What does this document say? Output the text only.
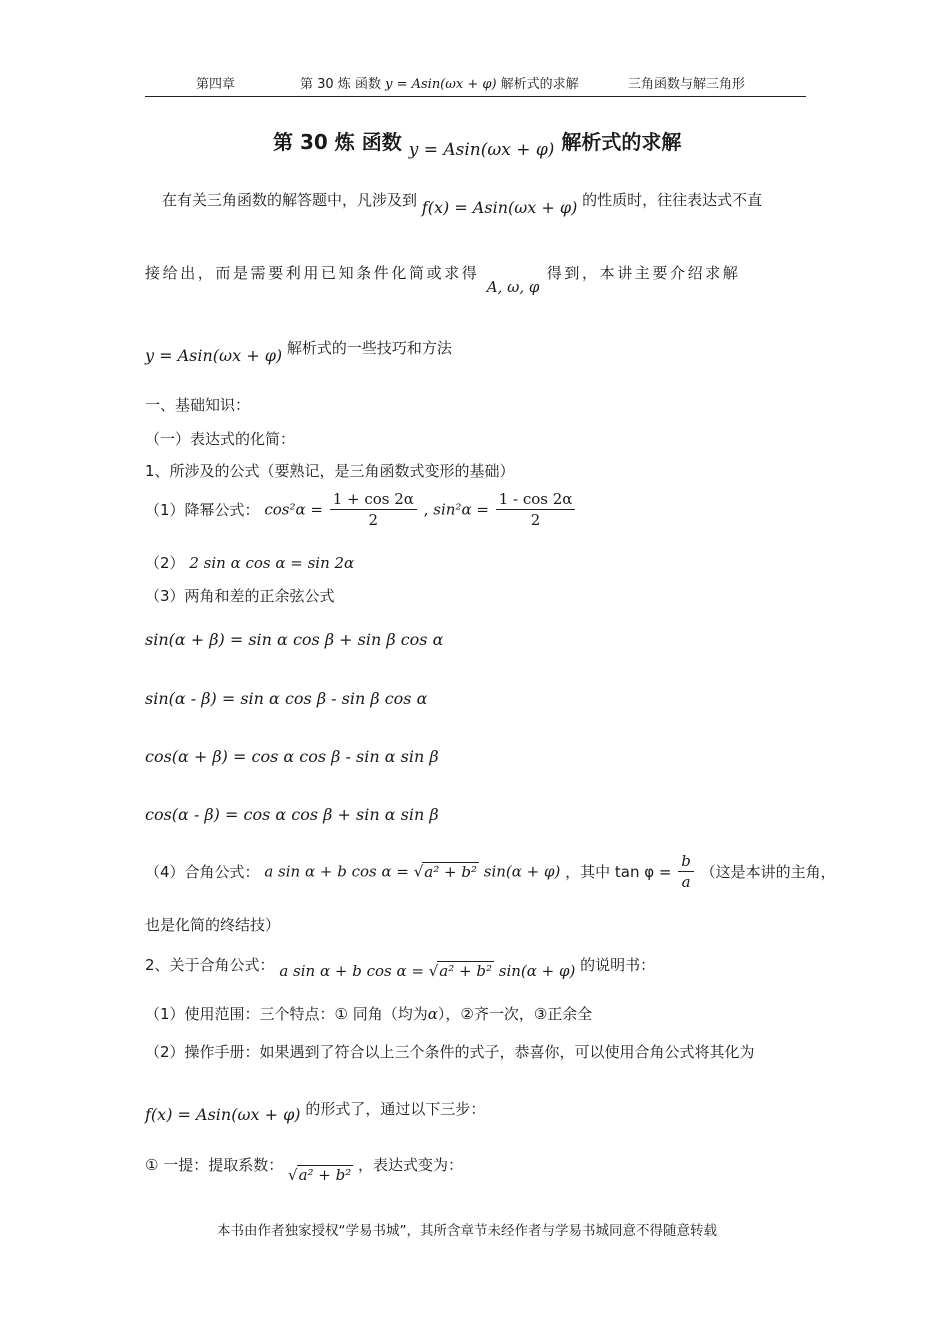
第四章	第 30 炼 函数 y = Asin(ωx + φ) 解析式的求解	三角函数与解三角形
第 30 炼 函数 $_{y = Asin(\omega x + \varphi)}$ 解析式的求解
在有关三角函数的解答题中，凡涉及到 f(x) = Asin(ωx + φ) 的性质时，往往表达式不直
接给出，而是需要利用已知条件化简或求得 A, ω, φ 得到，本讲主要介绍求解
y = Asin(ωx + φ) 解析式的一些技巧和方法
一、基础知识：
（一）表达式的化简：
1、所涉及的公式（要熟记，是三角函数式变形的基础）
（1）降幂公式： $\cos^2\alpha = \frac{1 + \cos 2\alpha}{2}$ , $\sin^2\alpha = \frac{1 - \cos 2\alpha}{2}$
（2） 2 sin α cos α = sin 2α
（3）两角和差的正余弦公式
sin(α + β) = sin α cos β + sin β cos α
sin(α - β) = sin α cos β - sin β cos α
cos(α + β) = cos α cos β - sin α sin β
cos(α - β) = cos α cos β + sin α sin β
（4）合角公式： a sin α + b cos α = √a² + b² sin(α + φ) ，其中 $\tan \varphi = \frac{b}{a}$ （这是本讲的主角，
也是化简的终结技）
2、关于合角公式： a sin α + b cos α = √a² + b² sin(α + φ) 的说明书：
（1）使用范围：三个特点：① 同角（均为α），②齐一次，③正余全
（2）操作手册：如果遇到了符合以上三个条件的式子，恭喜你，可以使用合角公式将其化为
f(x) = Asin(ωx + φ) 的形式了，通过以下三步：
① 一提：提取系数： √a² + b² ，表达式变为：
本书由作者独家授权“学易书城”，其所含章节未经作者与学易书城同意不得随意转载
